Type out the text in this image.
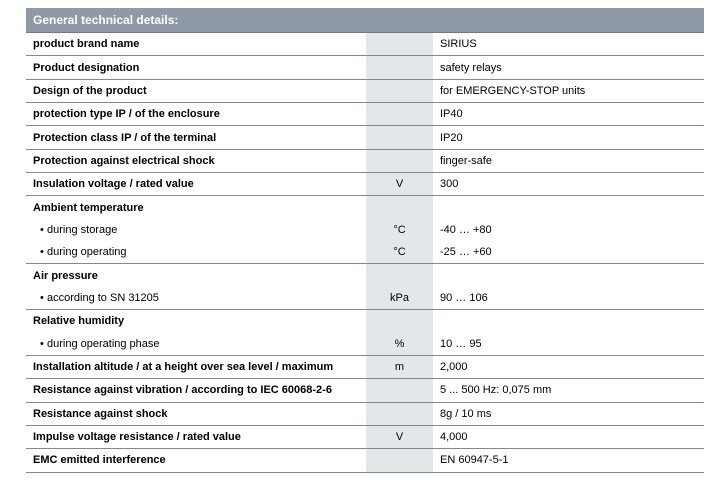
General technical details:
product brand name		SIRIUS
Product designation		safety relays
Design of the product		for EMERGENCY-STOP units
protection type IP / of the enclosure		IP40
Protection class IP / of the terminal		IP20
Protection against electrical shock		finger-safe
Insulation voltage / rated value	V	300
Ambient temperature		
• during storage	°C	-40 … +80
• during operating	°C	-25 … +60
Air pressure		
• according to SN 31205	kPa	90 … 106
Relative humidity		
• during operating phase	%	10 … 95
Installation altitude / at a height over sea level / maximum	m	2,000
Resistance against vibration / according to IEC 60068-2-6		5 ... 500 Hz: 0,075 mm
Resistance against shock		8g / 10 ms
Impulse voltage resistance / rated value	V	4,000
EMC emitted interference		EN 60947-5-1
